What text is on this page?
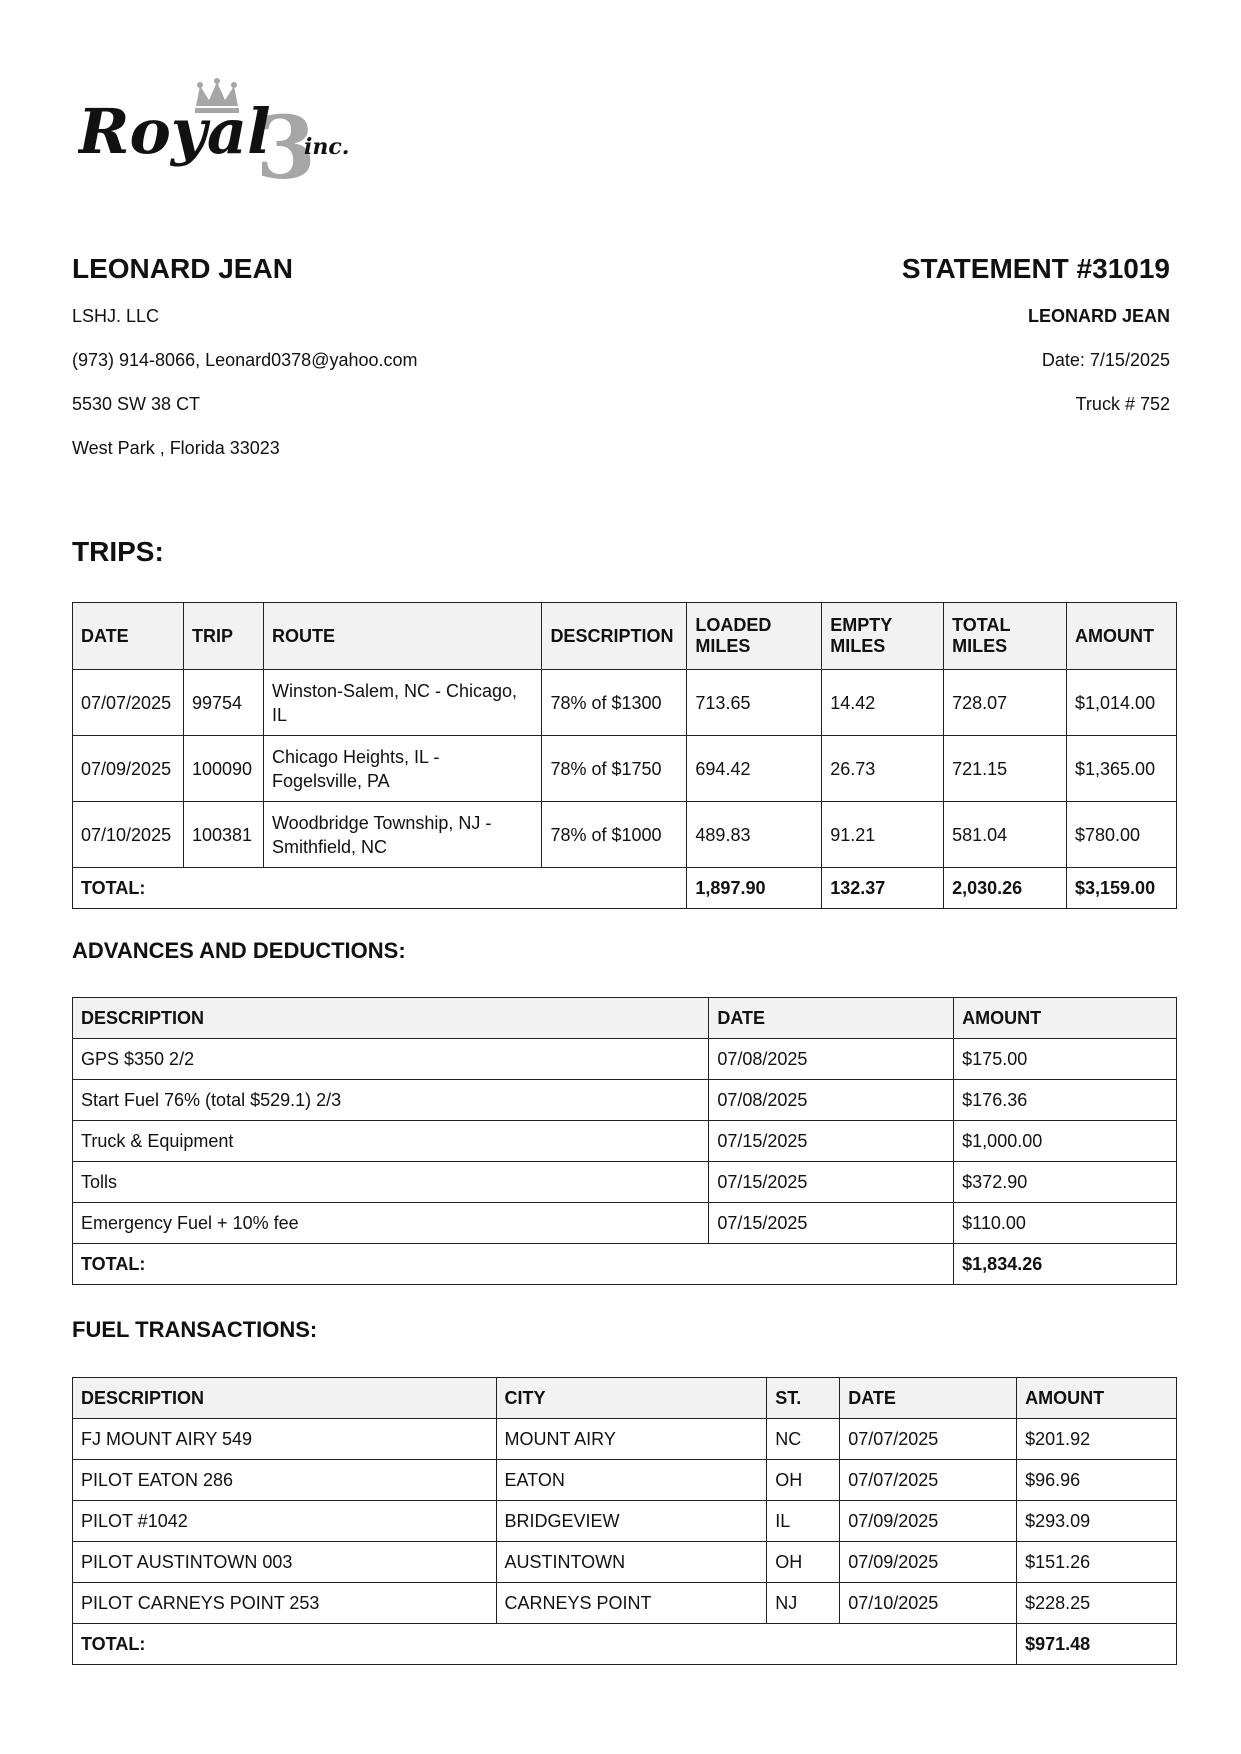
3
Royal inc.
LEONARD JEAN
LSHJ. LLC
(973) 914-8066, Leonard0378@yahoo.com
5530 SW 38 CT
West Park , Florida 33023
STATEMENT #31019
LEONARD JEAN
Date: 7/15/2025
Truck # 752
TRIPS:
DATE	TRIP	ROUTE	DESCRIPTION	LOADED MILES	EMPTY MILES	TOTAL MILES	AMOUNT
07/07/2025	99754	Winston-Salem, NC - Chicago, IL	78% of $1300	713.65	14.42	728.07	$1,014.00
07/09/2025	100090	Chicago Heights, IL - Fogelsville, PA	78% of $1750	694.42	26.73	721.15	$1,365.00
07/10/2025	100381	Woodbridge Township, NJ - Smithfield, NC	78% of $1000	489.83	91.21	581.04	$780.00
TOTAL:				1,897.90	132.37	2,030.26	$3,159.00
ADVANCES AND DEDUCTIONS:
DESCRIPTION	DATE	AMOUNT
GPS $350 2/2	07/08/2025	$175.00
Start Fuel 76% (total $529.1) 2/3	07/08/2025	$176.36
Truck & Equipment	07/15/2025	$1,000.00
Tolls	07/15/2025	$372.90
Emergency Fuel + 10% fee	07/15/2025	$110.00
TOTAL:		$1,834.26
FUEL TRANSACTIONS:
DESCRIPTION	CITY	ST.	DATE	AMOUNT
FJ MOUNT AIRY 549	MOUNT AIRY	NC	07/07/2025	$201.92
PILOT EATON 286	EATON	OH	07/07/2025	$96.96
PILOT #1042	BRIDGEVIEW	IL	07/09/2025	$293.09
PILOT AUSTINTOWN 003	AUSTINTOWN	OH	07/09/2025	$151.26
PILOT CARNEYS POINT 253	CARNEYS POINT	NJ	07/10/2025	$228.25
TOTAL:				$971.48
